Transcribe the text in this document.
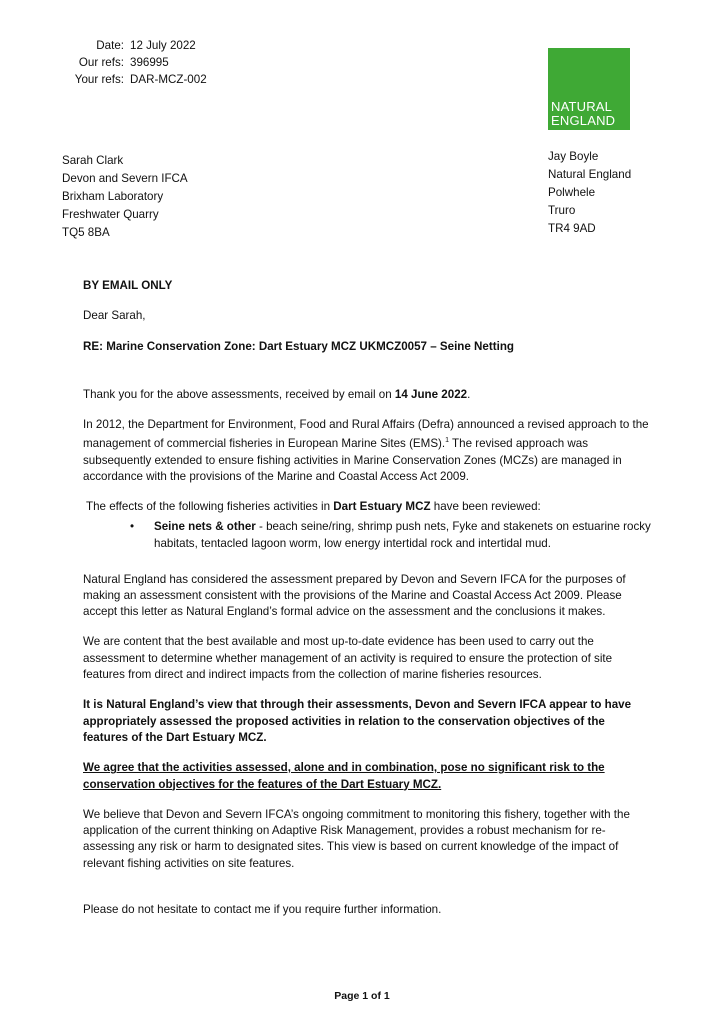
Date: 12 July 2022
Our refs: 396995
Your refs: DAR-MCZ-002
NATURAL
ENGLAND
Sarah Clark
Devon and Severn IFCA
Brixham Laboratory
Freshwater Quarry
TQ5 8BA
Jay Boyle
Natural England
Polwhele
Truro
TR4 9AD

BY EMAIL ONLY

Dear Sarah,

RE: Marine Conservation Zone: Dart Estuary MCZ UKMCZ0057 – Seine Netting

Thank you for the above assessments, received by email on 14 June 2022.

In 2012, the Department for Environment, Food and Rural Affairs (Defra) announced a revised approach to the management of commercial fisheries in European Marine Sites (EMS).$^1$ The revised approach was subsequently extended to ensure fishing activities in Marine Conservation Zones (MCZs) are managed in accordance with the provisions of the Marine and Coastal Access Act 2009.

The effects of the following fisheries activities in Dart Estuary MCZ have been reviewed:

Natural England has considered the assessment prepared by Devon and Severn IFCA for the purposes of making an assessment consistent with the provisions of the Marine and Coastal Access Act 2009. Please accept this letter as Natural England’s formal advice on the assessment and the conclusions it makes.

We are content that the best available and most up-to-date evidence has been used to carry out the assessment to determine whether management of an activity is required to ensure the protection of site features from direct and indirect impacts from the collection of marine fisheries resources.

It is Natural England’s view that through their assessments, Devon and Severn IFCA appear to have appropriately assessed the proposed activities in relation to the conservation objectives of the features of the Dart Estuary MCZ.

We agree that the activities assessed, alone and in combination, pose no significant risk to the conservation objectives for the features of the Dart Estuary MCZ.

We believe that Devon and Severn IFCA’s ongoing commitment to monitoring this fishery, together with the application of the current thinking on Adaptive Risk Management, provides a robust mechanism for re-assessing any risk or harm to designated sites. This view is based on current knowledge of the impact of relevant fishing activities on site features.

Please do not hesitate to contact me if you require further information.

• Seine nets & other - beach seine/ring, shrimp push nets, Fyke and stakenets on estuarine rocky habitats, tentacled lagoon worm, low energy intertidal rock and intertidal mud.
Page 1 of 1
